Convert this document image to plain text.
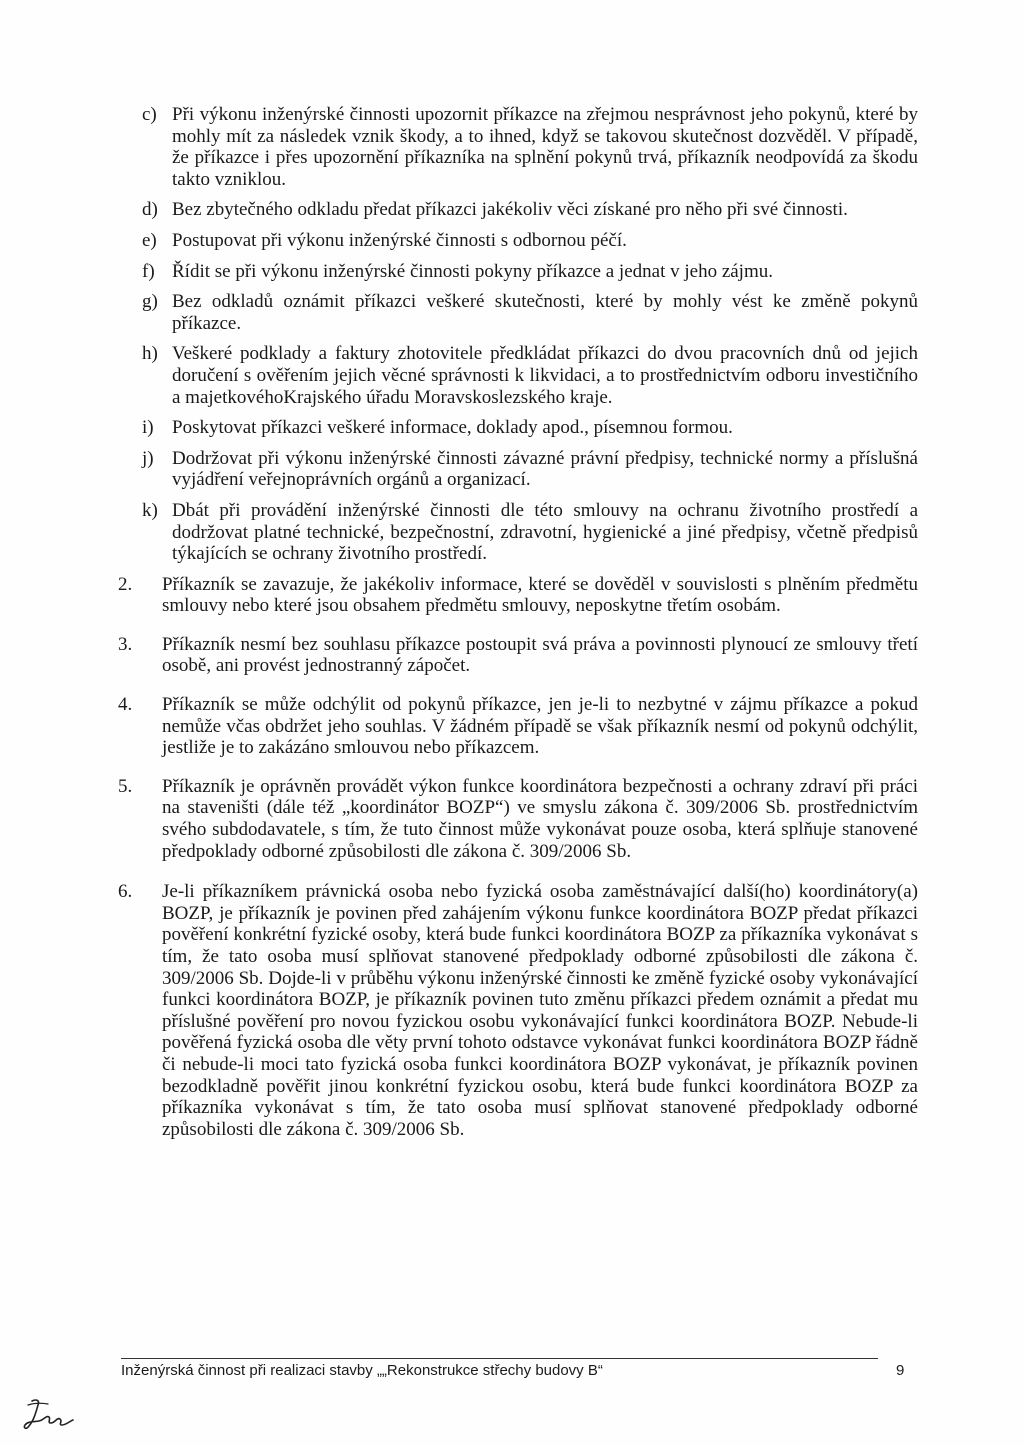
c) Při výkonu inženýrské činnosti upozornit příkazce na zřejmou nesprávnost jeho pokynů, které by mohly mít za následek vznik škody, a to ihned, když se takovou skutečnost dozvěděl. V případě, že příkazce i přes upozornění příkazníka na splnění pokynů trvá, příkazník neodpovídá za škodu takto vzniklou.
d) Bez zbytečného odkladu předat příkazci jakékoliv věci získané pro něho při své činnosti.
e) Postupovat při výkonu inženýrské činnosti s odbornou péčí.
f) Řídit se při výkonu inženýrské činnosti pokyny příkazce a jednat v jeho zájmu.
g) Bez odkladů oznámit příkazci veškeré skutečnosti, které by mohly vést ke změně pokynů příkazce.
h) Veškeré podklady a faktury zhotovitele předkládat příkazci do dvou pracovních dnů od jejich doručení s ověřením jejich věcné správnosti k likvidaci, a to prostřednictvím odboru investičního a majetkovéhoKrajského úřadu Moravskoslezského kraje.
i) Poskytovat příkazci veškeré informace, doklady apod., písemnou formou.
j) Dodržovat při výkonu inženýrské činnosti závazné právní předpisy, technické normy a příslušná vyjádření veřejnoprávních orgánů a organizací.
k) Dbát při provádění inženýrské činnosti dle této smlouvy na ochranu životního prostředí a dodržovat platné technické, bezpečnostní, zdravotní, hygienické a jiné předpisy, včetně předpisů týkajících se ochrany životního prostředí.
2. Příkazník se zavazuje, že jakékoliv informace, které se dověděl v souvislosti s plněním předmětu smlouvy nebo které jsou obsahem předmětu smlouvy, neposkytne třetím osobám.
3. Příkazník nesmí bez souhlasu příkazce postoupit svá práva a povinnosti plynoucí ze smlouvy třetí osobě, ani provést jednostranný zápočet.
4. Příkazník se může odchýlit od pokynů příkazce, jen je-li to nezbytné v zájmu příkazce a pokud nemůže včas obdržet jeho souhlas. V žádném případě se však příkazník nesmí od pokynů odchýlit, jestliže je to zakázáno smlouvou nebo příkazcem.
5. Příkazník je oprávněn provádět výkon funkce koordinátora bezpečnosti a ochrany zdraví při práci na staveništi (dále též „koordinátor BOZP“) ve smyslu zákona č. 309/2006 Sb. prostřednictvím svého subdodavatele, s tím, že tuto činnost může vykonávat pouze osoba, která splňuje stanovené předpoklady odborné způsobilosti dle zákona č. 309/2006 Sb.
6. Je-li příkazníkem právnická osoba nebo fyzická osoba zaměstnávající další(ho) koordinátory(a) BOZP, je příkazník je povinen před zahájením výkonu funkce koordinátora BOZP předat příkazci pověření konkrétní fyzické osoby, která bude funkci koordinátora BOZP za příkazníka vykonávat s tím, že tato osoba musí splňovat stanovené předpoklady odborné způsobilosti dle zákona č. 309/2006 Sb. Dojde-li v průběhu výkonu inženýrské činnosti ke změně fyzické osoby vykonávající funkci koordinátora BOZP, je příkazník povinen tuto změnu příkazci předem oznámit a předat mu příslušné pověření pro novou fyzickou osobu vykonávající funkci koordinátora BOZP. Nebude-li pověřená fyzická osoba dle věty první tohoto odstavce vykonávat funkci koordinátora BOZP řádně či nebude-li moci tato fyzická osoba funkci koordinátora BOZP vykonávat, je příkazník povinen bezodkladně pověřit jinou konkrétní fyzickou osobu, která bude funkci koordinátora BOZP za příkazníka vykonávat s tím, že tato osoba musí splňovat stanovené předpoklady odborné způsobilosti dle zákona č. 309/2006 Sb.
Inženýrská činnost při realizaci stavby „„Rekonstrukce střechy budovy B“	9
